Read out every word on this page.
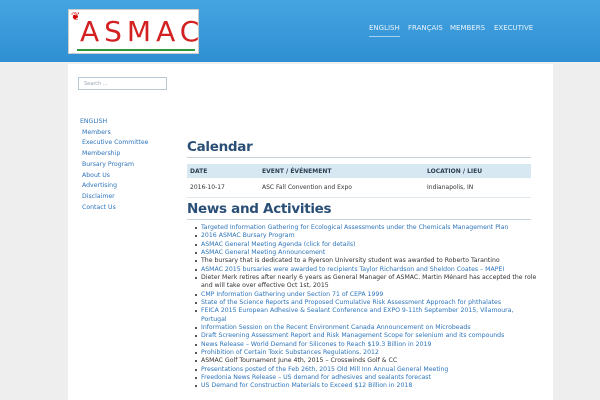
❦ ASMAC	ENGLISH FRANÇAIS MEMBERS EXECUTIVE
Search ...
ENGLISH
Members
Executive Committee
Membership
Bursary Program
About Us
Advertising
Disclaimer
Contact Us
Calendar
DATE	EVENT / ÉVÉNEMENT	LOCATION / LIEU
2016-10-17	ASC Fall Convention and Expo	Indianapolis, IN
News and Activities
Targeted Information Gathering for Ecological Assessments under the Chemicals Management Plan
2016 ASMAC Bursary Program
ASMAC General Meeting Agenda (click for details)
ASMAC General Meeting Announcement
The bursary that is dedicated to a Ryerson University student was awarded to Roberto Tarantino
ASMAC 2015 bursaries were awarded to recipients Taylor Richardson and Sheldon Coates – MAPEI
Dieter Merk retires after nearly 6 years as General Manager of ASMAC. Martin Ménard has accepted the role and will take over effective Oct 1st, 2015
CMP Information Gathering under Section 71 of CEPA 1999
State of the Science Reports and Proposed Cumulative Risk Assessment Approach for phthalates
FEICA 2015 European Adhesive & Sealant Conference and EXPO 9-11th September 2015, Vilamoura, Portugal
Information Session on the Recent Environment Canada Announcement on Microbeads
Draft Screening Assessment Report and Risk Management Scope for selenium and its compounds
News Release – World Demand for Silicones to Reach $19.3 Billion in 2019
Prohibition of Certain Toxic Substances Regulations, 2012
ASMAC Golf Tournament June 4th, 2015 – Crosswinds Golf & CC
Presentations posted of the Feb 26th, 2015 Old Mill Inn Annual General Meeting
Freedonia News Release – US demand for adhesives and sealants forecast
US Demand for Construction Materials to Exceed $12 Billion in 2018
